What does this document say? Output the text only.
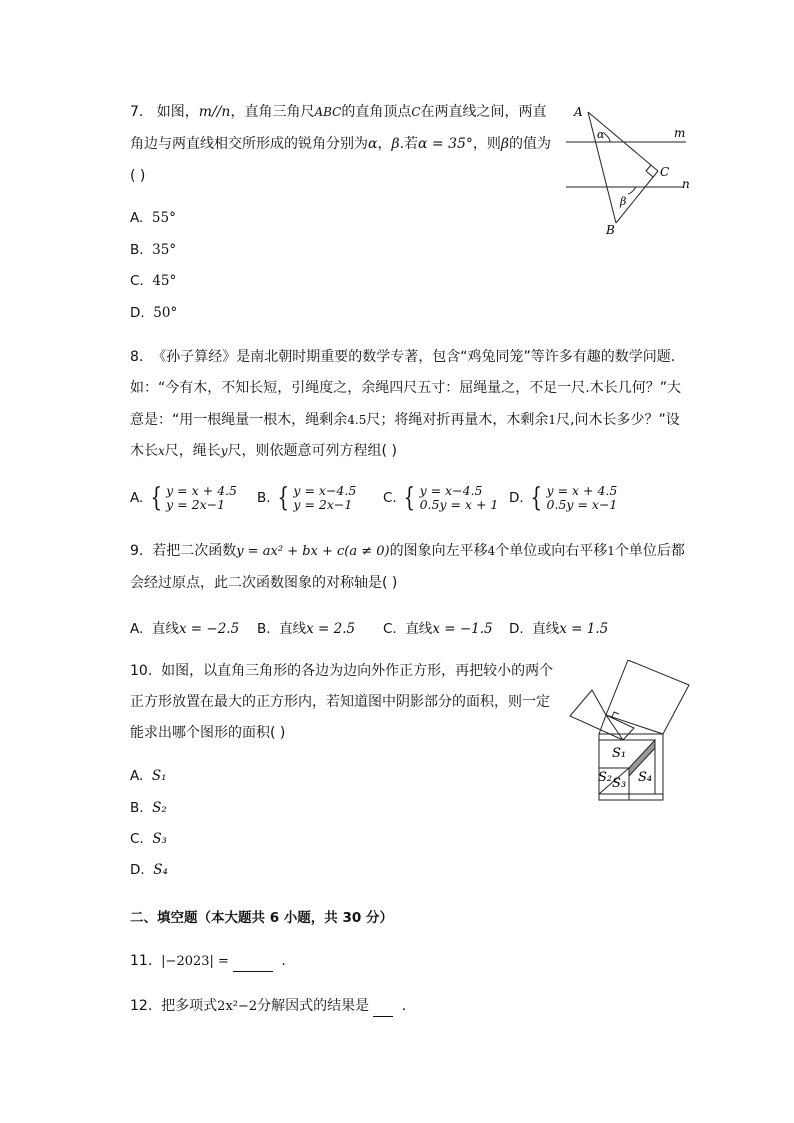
7. 如图，m//n，直角三角尺ABC的直角顶点C在两直线之间，两直
角边与两直线相交所形成的锐角分别为α，β.若α = 35°，则β的值为
( )
A. 55°
B. 35°
C. 45°
D. 50°
A
B
C
m
n
α
β
8. 《孙子算经》是南北朝时期重要的数学专著，包含“鸡兔同笼”等许多有趣的数学问题.
如：“今有木，不知长短，引绳度之，余绳四尺五寸：屈绳量之，不足一尺.木长几何？”大
意是：“用一根绳量一根木，绳剩余4.5尺；将绳对折再量木，木剩余1尺,问木长多少？”设
木长x尺，绳长y尺，则依题意可列方程组( )
A. { y = x + 4.5
y = 2x−1	B. { y = x−4.5
y = 2x−1 C. { y = x−4.5
0.5y = x + 1 D. { y = x + 4.5
0.5y = x−1
9. 若把二次函数y = ax² + bx + c(a ≠ 0)的图象向左平移4个单位或向右平移1个单位后都
会经过原点，此二次函数图象的对称轴是( )
A. 直线x = −2.5 B. 直线x = 2.5 C. 直线x = −1.5 D. 直线x = 1.5
10. 如图，以直角三角形的各边为边向外作正方形，再把较小的两个
正方形放置在最大的正方形内，若知道图中阴影部分的面积，则一定
能求出哪个图形的面积( )
A. S₁
B. S₂
C. S₃
D. S₄
S₁
S₂ S₃ S₄
二、填空题（本大题共 6 小题，共 30 分）
11. |−2023| =	.
12. 把多项式2x²−2分解因式的结果是 .
